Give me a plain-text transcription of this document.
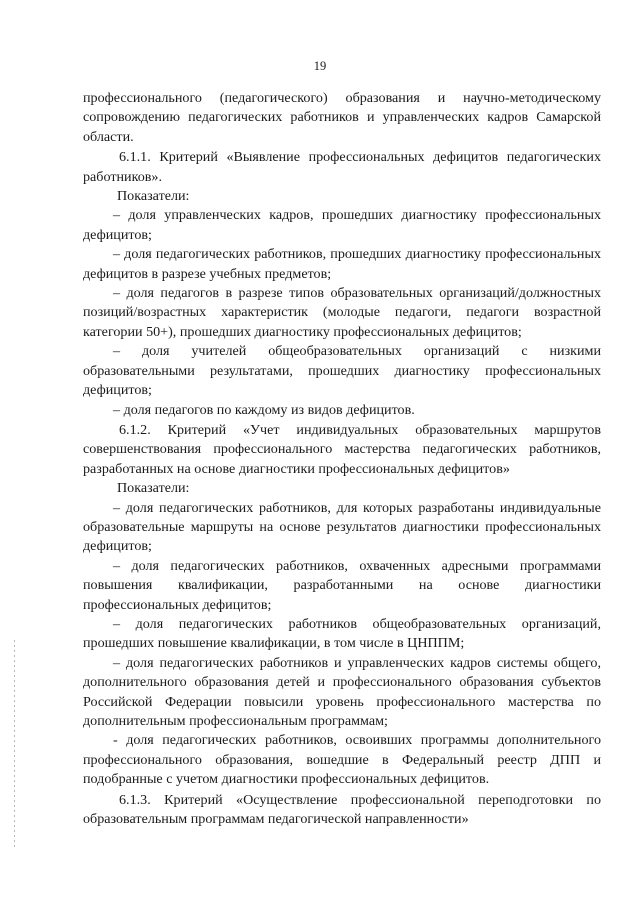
19

профессионального (педагогического) образования и научно-методическому сопровождению педагогических работников и управленческих кадров Самарской области.

6.1.1. Критерий «Выявление профессиональных дефицитов педагогических работников».

Показатели:

– доля управленческих кадров, прошедших диагностику профессиональных дефицитов;

– доля педагогических работников, прошедших диагностику профессиональных дефицитов в разрезе учебных предметов;

– доля педагогов в разрезе типов образовательных организаций/должностных позиций/возрастных характеристик (молодые педагоги, педагоги возрастной категории 50+), прошедших диагностику профессиональных дефицитов;

– доля учителей общеобразовательных организаций с низкими образовательными результатами, прошедших диагностику профессиональных дефицитов;

– доля педагогов по каждому из видов дефицитов.

6.1.2. Критерий «Учет индивидуальных образовательных маршрутов совершенствования профессионального мастерства педагогических работников, разработанных на основе диагностики профессиональных дефицитов»

Показатели:

– доля педагогических работников, для которых разработаны индивидуальные образовательные маршруты на основе результатов диагностики профессиональных дефицитов;

– доля педагогических работников, охваченных адресными программами повышения квалификации, разработанными на основе диагностики профессиональных дефицитов;

– доля педагогических работников общеобразовательных организаций, прошедших повышение квалификации, в том числе в ЦНППМ;

– доля педагогических работников и управленческих кадров системы общего, дополнительного образования детей и профессионального образования субъектов Российской Федерации повысили уровень профессионального мастерства по дополнительным профессиональным программам;

- доля педагогических работников, освоивших программы дополнительного профессионального образования, вошедшие в Федеральный реестр ДПП и подобранные с учетом диагностики профессиональных дефицитов.

6.1.3. Критерий «Осуществление профессиональной переподготовки по образовательным программам педагогической направленности»
